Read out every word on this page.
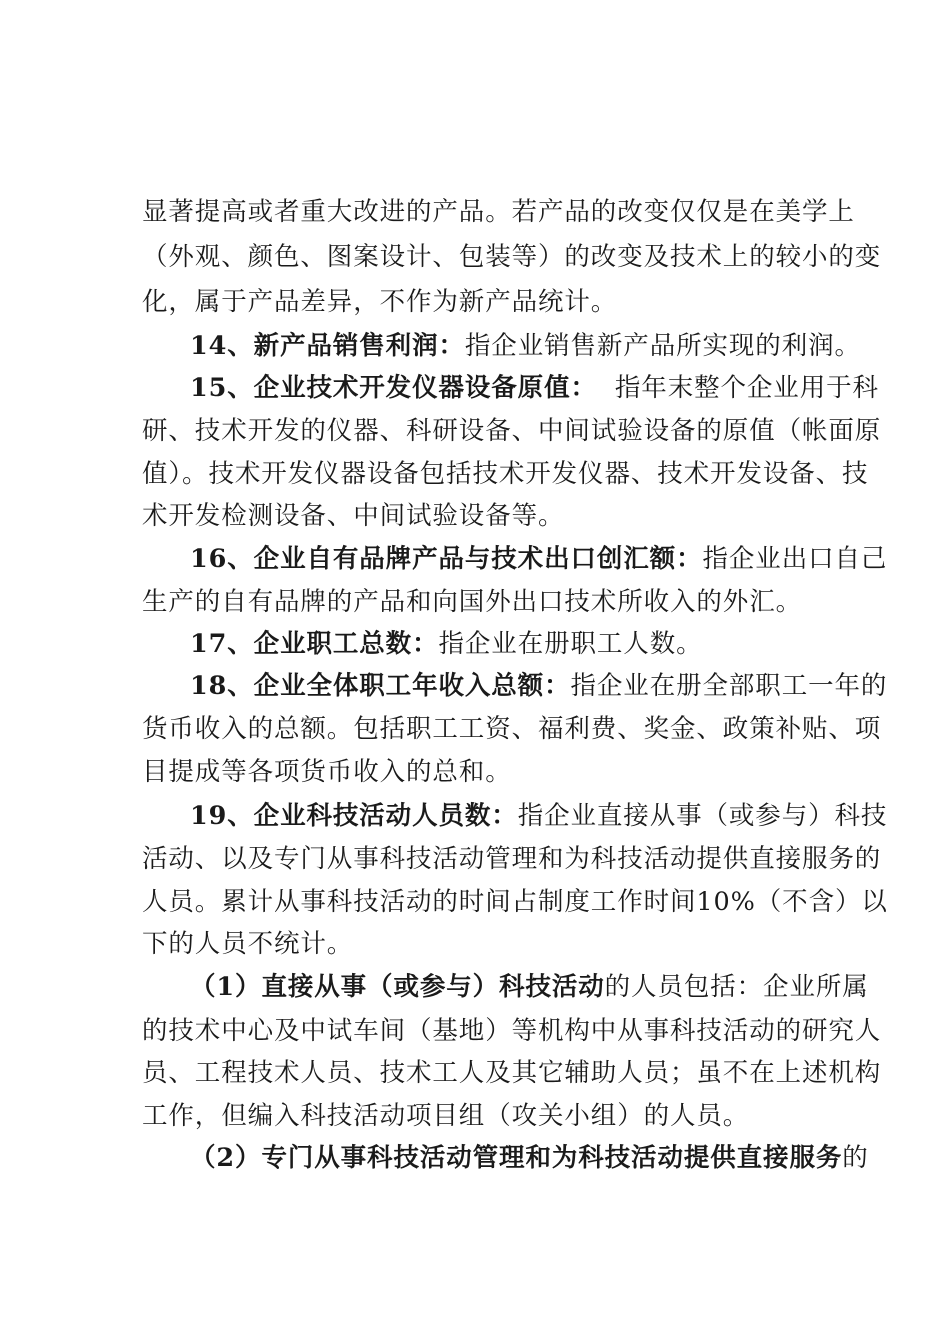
显著提高或者重大改进的产品。若产品的改变仅仅是在美学上
（外观、颜色、图案设计、包装等）的改变及技术上的较小的变
化，属于产品差异，不作为新产品统计。
14、新产品销售利润：指企业销售新产品所实现的利润。
15、企业技术开发仪器设备原值：  指年末整个企业用于科
研、技术开发的仪器、科研设备、中间试验设备的原值（帐面原
值）。技术开发仪器设备包括技术开发仪器、技术开发设备、技
术开发检测设备、中间试验设备等。
16、企业自有品牌产品与技术出口创汇额：指企业出口自己
生产的自有品牌的产品和向国外出口技术所收入的外汇。
17、企业职工总数：指企业在册职工人数。
18、企业全体职工年收入总额：指企业在册全部职工一年的
货币收入的总额。包括职工工资、福利费、奖金、政策补贴、项
目提成等各项货币收入的总和。
19、企业科技活动人员数：指企业直接从事（或参与）科技
活动、以及专门从事科技活动管理和为科技活动提供直接服务的
人员。累计从事科技活动的时间占制度工作时间10%（不含）以
下的人员不统计。
（1）直接从事（或参与）科技活动的人员包括：企业所属
的技术中心及中试车间（基地）等机构中从事科技活动的研究人
员、工程技术人员、技术工人及其它辅助人员；虽不在上述机构
工作，但编入科技活动项目组（攻关小组）的人员。
（2）专门从事科技活动管理和为科技活动提供直接服务的
